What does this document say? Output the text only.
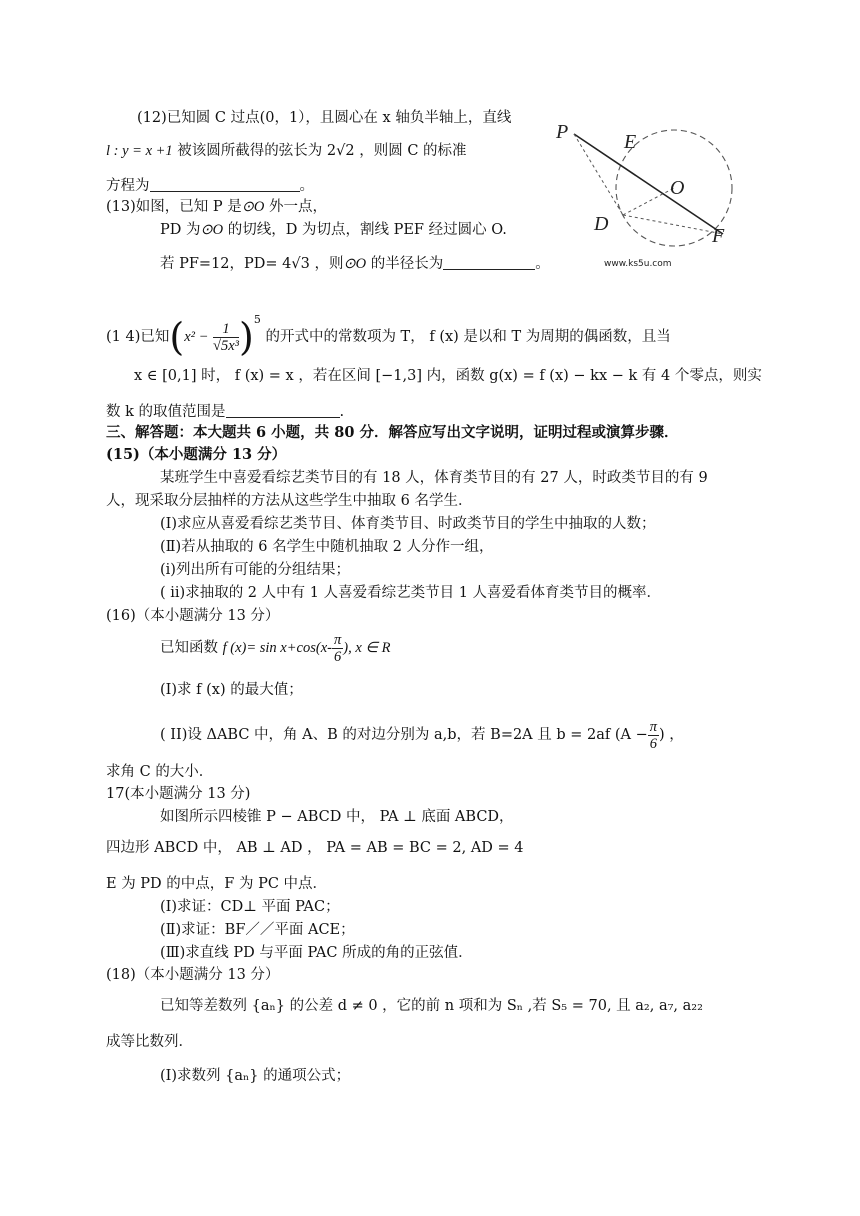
(12)已知圆 C 过点(0，1），且圆心在 x 轴负半轴上，直线
l : y = x +1 被该圆所截得的弦长为 2√2 ，则圆 C 的标准
方程为	。
(13)如图，已知 P 是⊙O 外一点，
PD 为⊙O 的切线，D 为切点，割线 PEF 经过圆心 O.
若 PF=12，PD= 4√3 ，则⊙O 的半径长为	。
P	E
O
D
F
www.ks5u.com
(1 4)已知$(x^2 - \frac{1}{\text{√5x³}} )^5$ 的开式中的常数项为 T， f (x) 是以和 T 为周期的偶函数，且当
x ∈ [0,1] 时， f (x) = x ，若在区间 [−1,3] 内，函数 g(x) = f (x) − kx − k 有 4 个零点，则实
数 k 的取值范围是	.
三、解答题：本大题共 6 小题，共 80 分．解答应写出文字说明，证明过程或演算步骤．
(15)（本小题满分 13 分）
某班学生中喜爱看综艺类节目的有 18 人，体育类节目的有 27 人，时政类节目的有 9
人，现采取分层抽样的方法从这些学生中抽取 6 名学生．
(I)求应从喜爱看综艺类节目、体育类节目、时政类节目的学生中抽取的人数；
(Ⅱ)若从抽取的 6 名学生中随机抽取 2 人分作一组，
(i)列出所有可能的分组结果；
( ii)求抽取的 2 人中有 1 人喜爱看综艺类节目 1 人喜爱看体育类节目的概率．
(16)（本小题满分 13 分）
已知函数 f $(x)= \sin x+\cos(x- \frac{\pi}{6}$ ), x ∈ R
(I)求 f (x) 的最大值；
( II)设 ΔABC 中，角 A、B 的对边分别为 a,b，若 B=2A 且 b = 2af ($A - \frac{\pi}{6}$ ) ，
求角 C 的大小．
17(本小题满分 13 分)
如图所示四棱锥 P − ABCD 中， PA ⊥ 底面 ABCD，
四边形 ABCD 中， AB ⊥ AD ， PA = AB = BC = 2, AD = 4
E 为 PD 的中点，F 为 PC 中点．
(I)求证：CD⊥ 平面 PAC；
(Ⅱ)求证：BF／／平面 ACE；
(Ⅲ)求直线 PD 与平面 PAC 所成的角的正弦值．
(18)（本小题满分 13 分）
已知等差数列 {aₙ} 的公差 d ≠ 0 ，它的前 n 项和为 Sₙ ,若 S₅ = 70, 且 a₂, a₇, a₂₂
成等比数列．
(I)求数列 {aₙ} 的通项公式；
